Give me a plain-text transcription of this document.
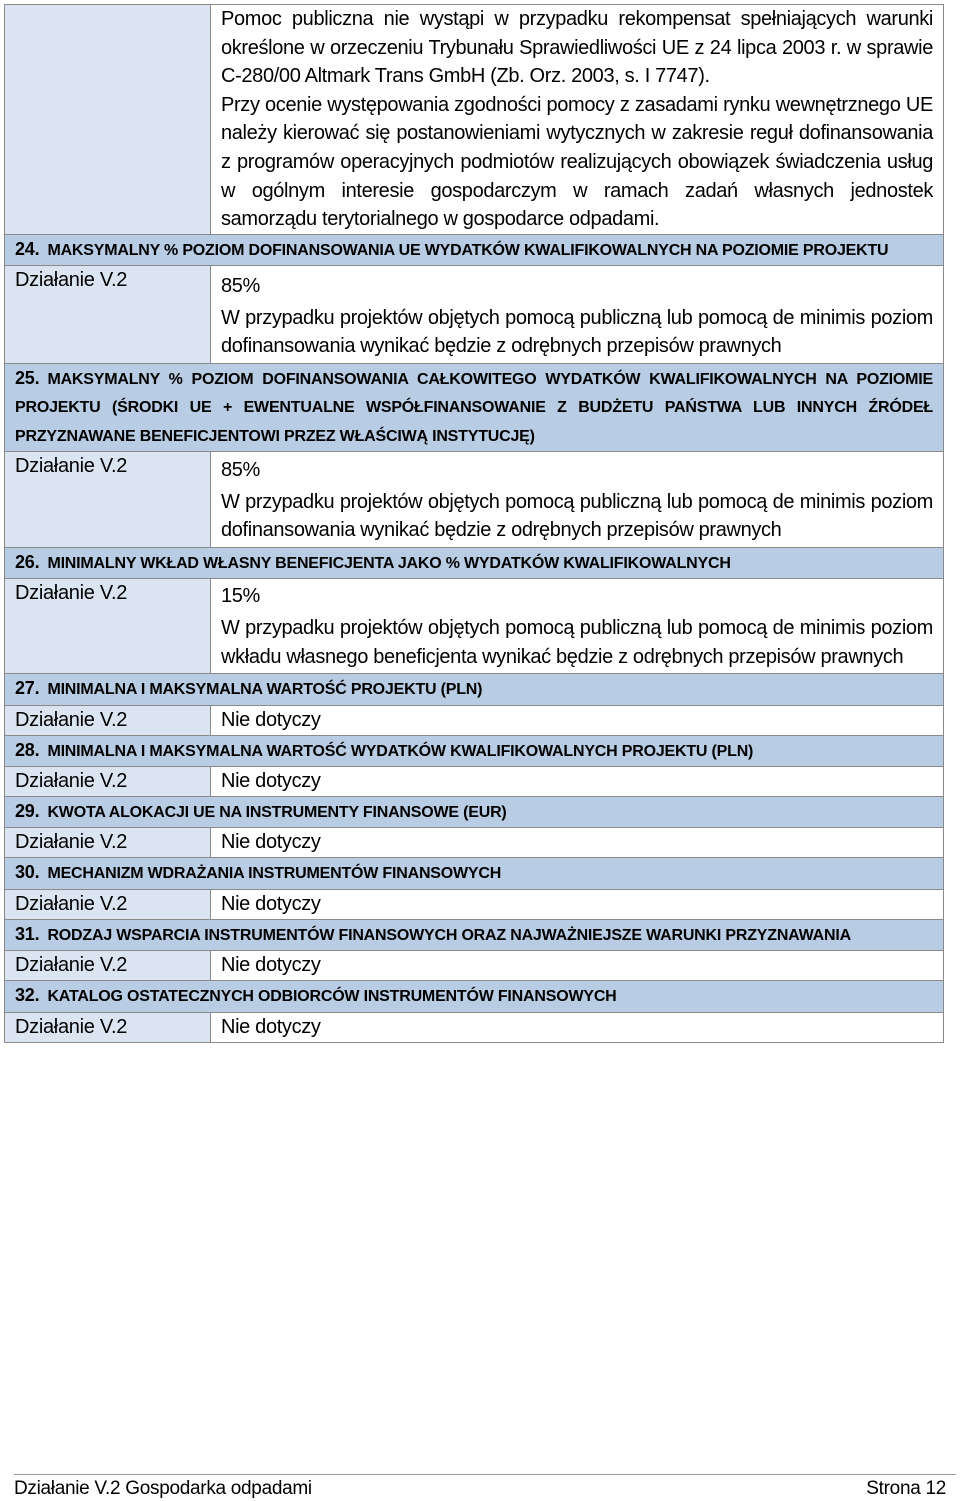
Pomoc publiczna nie wystąpi w przypadku rekompensat spełniających warunki określone w orzeczeniu Trybunału Sprawiedliwości UE z 24 lipca 2003 r. w sprawie C-280/00 Altmark Trans GmbH (Zb. Orz. 2003, s. I 7747).

Przy ocenie występowania zgodności pomocy z zasadami rynku wewnętrznego UE należy kierować się postanowieniami wytycznych w zakresie reguł dofinansowania z programów operacyjnych podmiotów realizujących obowiązek świadczenia usług w ogólnym interesie gospodarczym w ramach zadań własnych jednostek samorządu terytorialnego w gospodarce odpadami.

24. MAKSYMALNY % POZIOM DOFINANSOWANIA UE WYDATKÓW KWALIFIKOWALNYCH NA POZIOMIE PROJEKTU
Działanie V.2	85%

W przypadku projektów objętych pomocą publiczną lub pomocą de minimis poziom dofinansowania wynikać będzie z odrębnych przepisów prawnych

25. MAKSYMALNY % POZIOM DOFINANSOWANIA CAŁKOWITEGO WYDATKÓW KWALIFIKOWALNYCH NA POZIOMIE PROJEKTU (ŚRODKI UE + EWENTUALNE WSPÓŁFINANSOWANIE Z BUDŻETU PAŃSTWA LUB INNYCH ŹRÓDEŁ PRZYZNAWANE BENEFICJENTOWI PRZEZ WŁAŚCIWĄ INSTYTUCJĘ)
Działanie V.2	85%

W przypadku projektów objętych pomocą publiczną lub pomocą de minimis poziom dofinansowania wynikać będzie z odrębnych przepisów prawnych

26. MINIMALNY WKŁAD WŁASNY BENEFICJENTA JAKO % WYDATKÓW KWALIFIKOWALNYCH
Działanie V.2	15%

W przypadku projektów objętych pomocą publiczną lub pomocą de minimis poziom wkładu własnego beneficjenta wynikać będzie z odrębnych przepisów prawnych

27. MINIMALNA I MAKSYMALNA WARTOŚĆ PROJEKTU (PLN)
Działanie V.2	Nie dotyczy
28. MINIMALNA I MAKSYMALNA WARTOŚĆ WYDATKÓW KWALIFIKOWALNYCH PROJEKTU (PLN)
Działanie V.2	Nie dotyczy
29. KWOTA ALOKACJI UE NA INSTRUMENTY FINANSOWE (EUR)
Działanie V.2	Nie dotyczy
30. MECHANIZM WDRAŻANIA INSTRUMENTÓW FINANSOWYCH
Działanie V.2	Nie dotyczy
31. RODZAJ WSPARCIA INSTRUMENTÓW FINANSOWYCH ORAZ NAJWAŻNIEJSZE WARUNKI PRZYZNAWANIA
Działanie V.2	Nie dotyczy
32. KATALOG OSTATECZNYCH ODBIORCÓW INSTRUMENTÓW FINANSOWYCH
Działanie V.2	Nie dotyczy
Działanie V.2 Gospodarka odpadami	Strona 12
